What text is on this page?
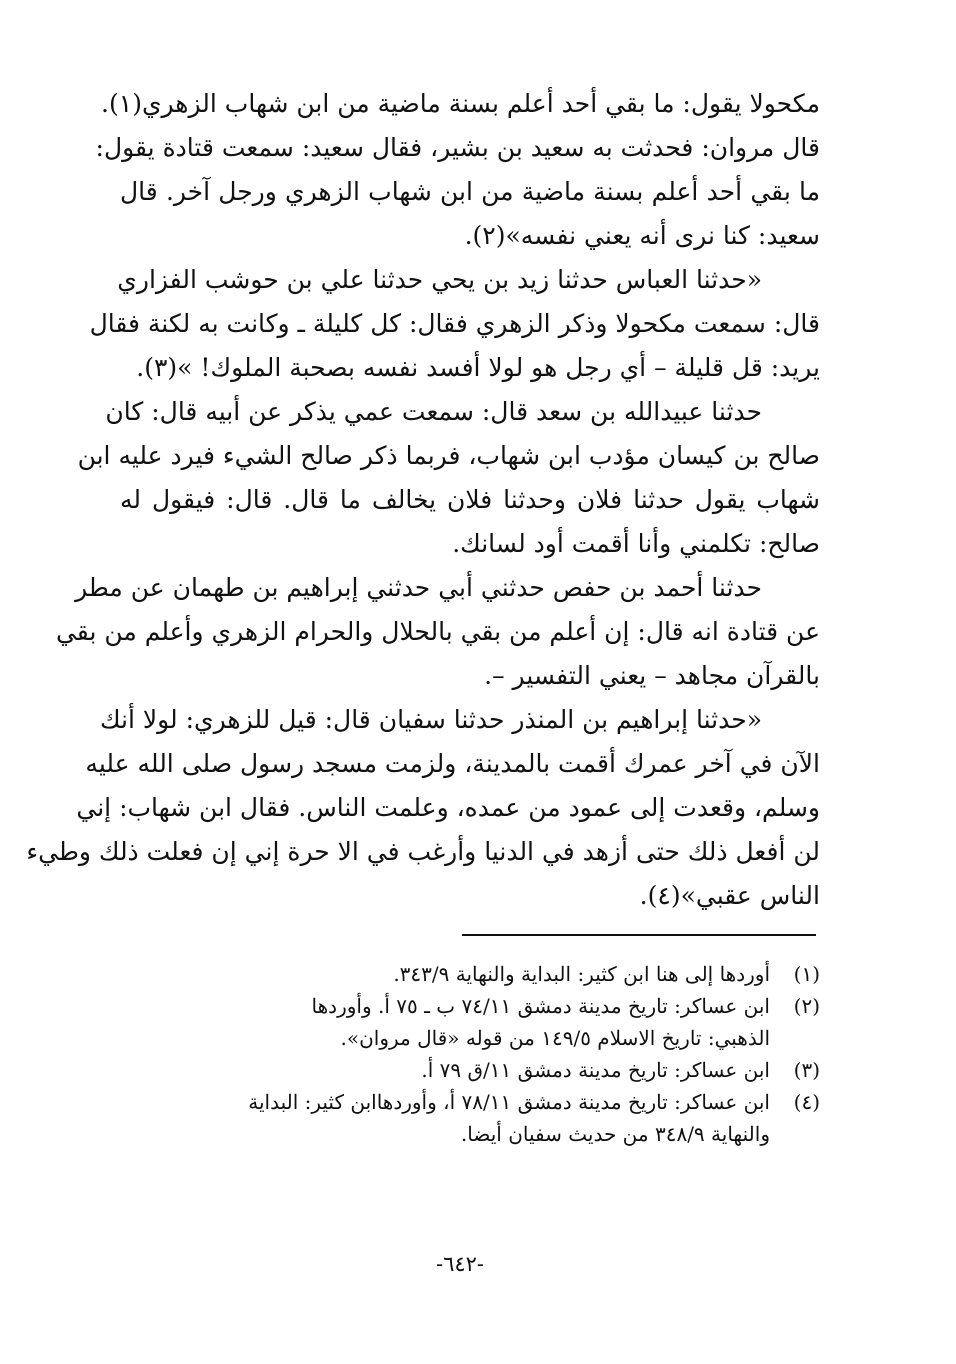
مكحولا يقول: ما بقي أحد أعلم بسنة ماضية من ابن شهاب الزهري(١).
قال مروان: فحدثت به سعيد بن بشير، فقال سعيد: سمعت قتادة يقول:
ما بقي أحد أعلم بسنة ماضية من ابن شهاب الزهري ورجل آخر. قال
سعيد: كنا نرى أنه يعني نفسه»(٢).
«حدثنا العباس حدثنا زيد بن يحي حدثنا علي بن حوشب الفزاري
قال: سمعت مكحولا وذكر الزهري فقال: كل كليلة ـ وكانت به لكنة فقال
يريد: قل قليلة – أي رجل هو لولا أفسد نفسه بصحبة الملوك! »(٣).
حدثنا عبيدالله بن سعد قال: سمعت عمي يذكر عن أبيه قال: كان
صالح بن كيسان مؤدب ابن شهاب، فربما ذكر صالح الشيء فيرد عليه ابن
شهاب يقول حدثنا فلان وحدثنا فلان يخالف ما قال. قال: فيقول له
صالح: تكلمني وأنا أقمت أود لسانك.
حدثنا أحمد بن حفص حدثني أبي حدثني إبراهيم بن طهمان عن مطر
عن قتادة انه قال: إن أعلم من بقي بالحلال والحرام الزهري وأعلم من بقي
بالقرآن مجاهد – يعني التفسير –.
«حدثنا إبراهيم بن المنذر حدثنا سفيان قال: قيل للزهري: لولا أنك
الآن في آخر عمرك أقمت بالمدينة، ولزمت مسجد رسول صلى الله عليه
وسلم، وقعدت إلى عمود من عمده، وعلمت الناس. فقال ابن شهاب: إني
لن أفعل ذلك حتى أزهد في الدنيا وأرغب في الا حرة إني إن فعلت ذلك وطيء
الناس عقبي»(٤).
(١)
أوردها إلى هنا ابن كثير: البداية والنهاية ٣٤٣/٩.
(٢)
ابن عساكر: تاريخ مدينة دمشق ٧٤/١١ ب ـ ٧٥ أ. وأوردها
الذهبي: تاريخ الاسلام ١٤٩/٥ من قوله «قال مروان».
(٣)
ابن عساكر: تاريخ مدينة دمشق ١١/ق ٧٩ أ.
(٤)
ابن عساكر: تاريخ مدينة دمشق ٧٨/١١ أ، وأوردهاابن كثير: البداية
والنهاية ٣٤٨/٩ من حديث سفيان أيضا.
-٦٤٢-
